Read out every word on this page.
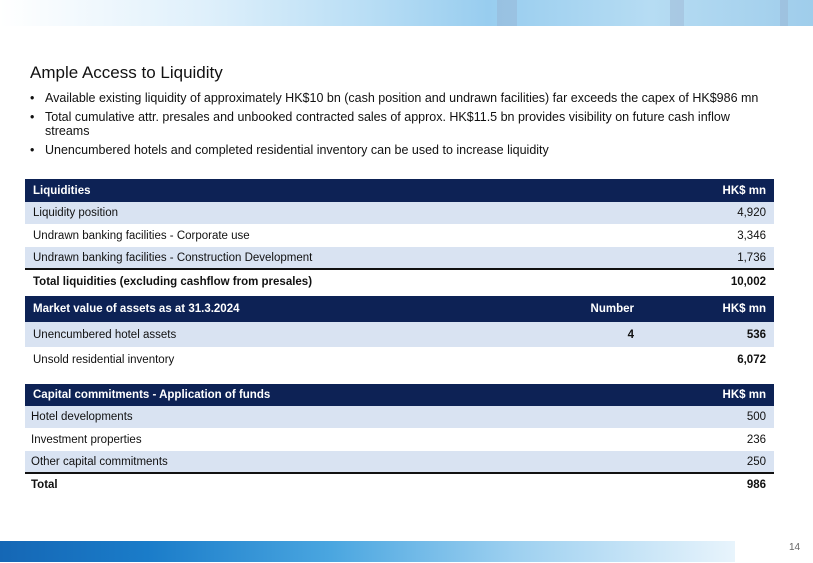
Ample Access to Liquidity
• Available existing liquidity of approximately HK$10 bn (cash position and undrawn facilities) far exceeds the capex of HK$986 mn
• Total cumulative attr. presales and unbooked contracted sales of approx. HK$11.5 bn provides visibility on future cash inflow streams
• Unencumbered hotels and completed residential inventory can be used to increase liquidity
Liquidities	HK$ mn
Liquidity position	4,920
Undrawn banking facilities - Corporate use	3,346
Undrawn banking facilities - Construction Development	1,736
Total liquidities (excluding cashflow from presales)	10,002
Market value of assets as at 31.3.2024	Number	HK$ mn
Unencumbered hotel assets	4	536
Unsold residential inventory		6,072
Capital commitments - Application of funds	HK$ mn
Hotel developments	500
Investment properties	236
Other capital commitments	250
Total	986
14
